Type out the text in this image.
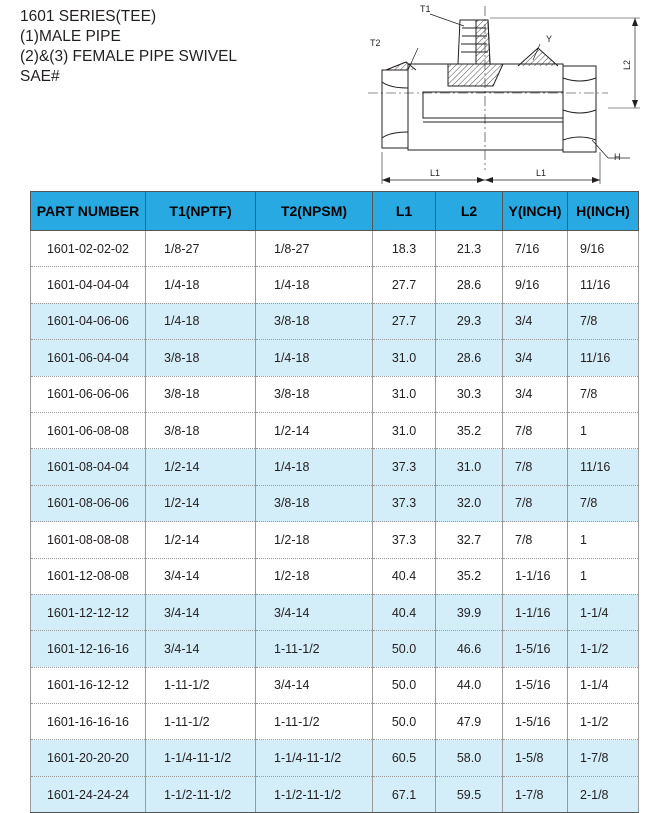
1601 SERIES(TEE)
(1)MALE PIPE
(2)&(3) FEMALE PIPE SWIVEL
SAE#
T1
T2	Y
H
L1	L1
L2
PART NUMBER	T1(NPTF)	T2(NPSM)	L1	L2	Y(INCH)	H(INCH)
1601-02-02-02	1/8-27	1/8-27	18.3	21.3	7/16	9/16
1601-04-04-04	1/4-18	1/4-18	27.7	28.6	9/16	11/16
1601-04-06-06	1/4-18	3/8-18	27.7	29.3	3/4	7/8
1601-06-04-04	3/8-18	1/4-18	31.0	28.6	3/4	11/16
1601-06-06-06	3/8-18	3/8-18	31.0	30.3	3/4	7/8
1601-06-08-08	3/8-18	1/2-14	31.0	35.2	7/8	1
1601-08-04-04	1/2-14	1/4-18	37.3	31.0	7/8	11/16
1601-08-06-06	1/2-14	3/8-18	37.3	32.0	7/8	7/8
1601-08-08-08	1/2-14	1/2-18	37.3	32.7	7/8	1
1601-12-08-08	3/4-14	1/2-18	40.4	35.2	1-1/16	1
1601-12-12-12	3/4-14	3/4-14	40.4	39.9	1-1/16	1-1/4
1601-12-16-16	3/4-14	1-11-1/2	50.0	46.6	1-5/16	1-1/2
1601-16-12-12	1-11-1/2	3/4-14	50.0	44.0	1-5/16	1-1/4
1601-16-16-16	1-11-1/2	1-11-1/2	50.0	47.9	1-5/16	1-1/2
1601-20-20-20	1-1/4-11-1/2	1-1/4-11-1/2	60.5	58.0	1-5/8	1-7/8
1601-24-24-24	1-1/2-11-1/2	1-1/2-11-1/2	67.1	59.5	1-7/8	2-1/8
